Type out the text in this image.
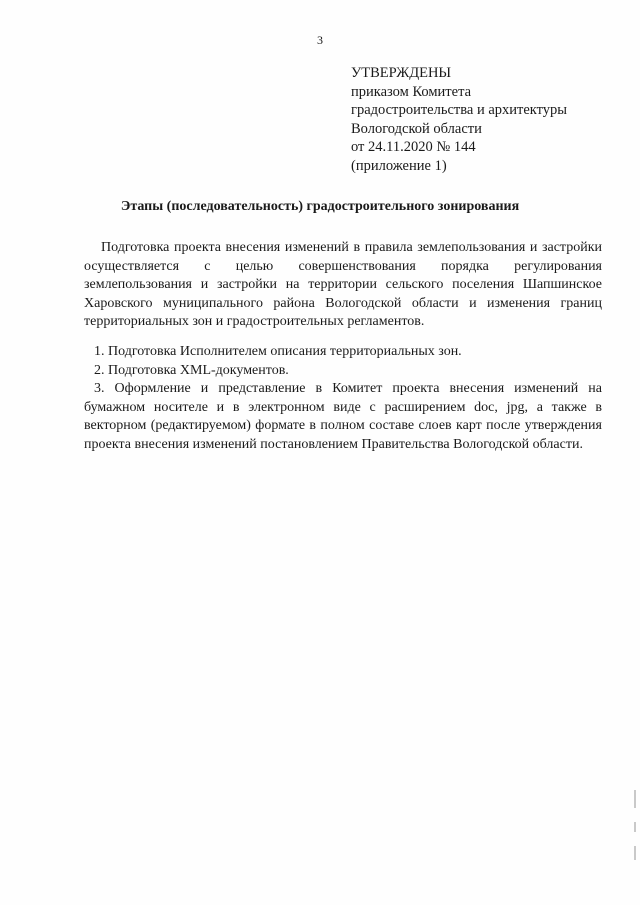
3
УТВЕРЖДЕНЫ
приказом Комитета
градостроительства и архитектуры
Вологодской области
от 24.11.2020 № 144
(приложение 1)
Этапы (последовательность) градостроительного зонирования
Подготовка проекта внесения изменений в правила землепользования и застройки осуществляется с целью совершенствования порядка регулирования землепользования и застройки на территории сельского поселения Шапшинское Харовского муниципального района Вологодской области и изменения границ территориальных зон и градостроительных регламентов.
1. Подготовка Исполнителем описания территориальных зон.
2. Подготовка XML-документов.
3. Оформление и представление в Комитет проекта внесения изменений на бумажном носителе и в электронном виде с расширением doc, jpg, а также в векторном (редактируемом) формате в полном составе слоев карт после утверждения проекта внесения изменений постановлением Правительства Вологодской области.
